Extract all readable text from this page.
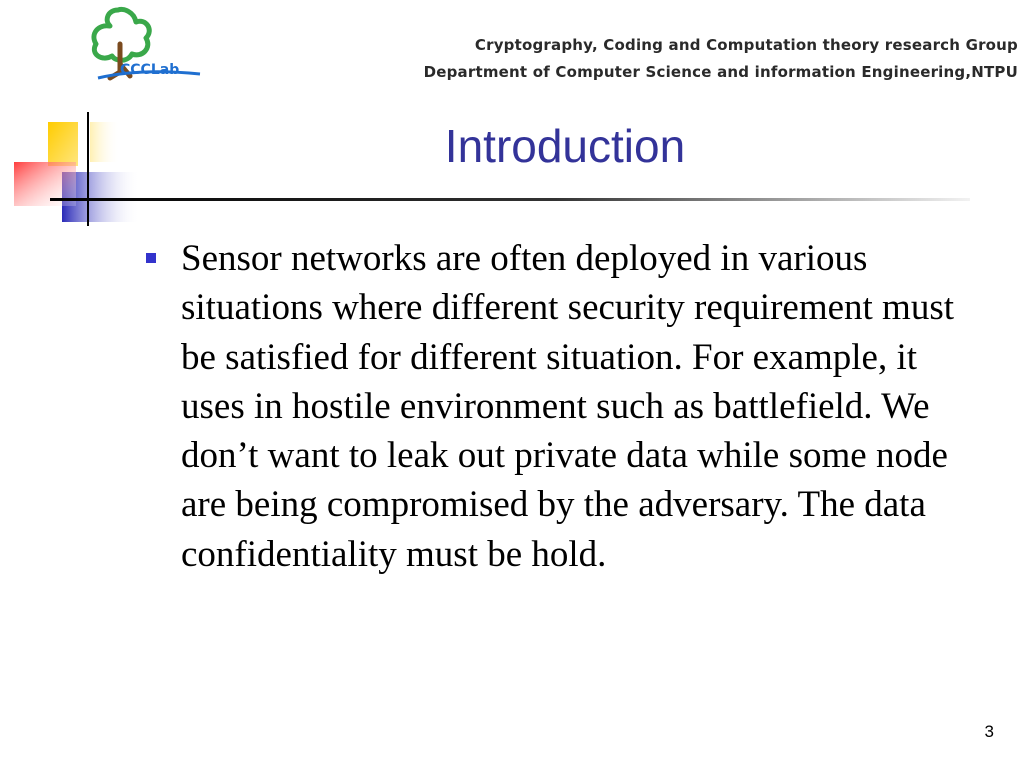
CCCLab
Cryptography, Coding and Computation theory research Group
Department of Computer Science and information Engineering,NTPU
Introduction
Sensor networks are often deployed in various situations where different security requirement must be satisfied for different situation. For example, it uses in hostile environment such as battlefield. We don’t want to leak out private data while some node are being compromised by the adversary. The data confidentiality must be hold.
3
